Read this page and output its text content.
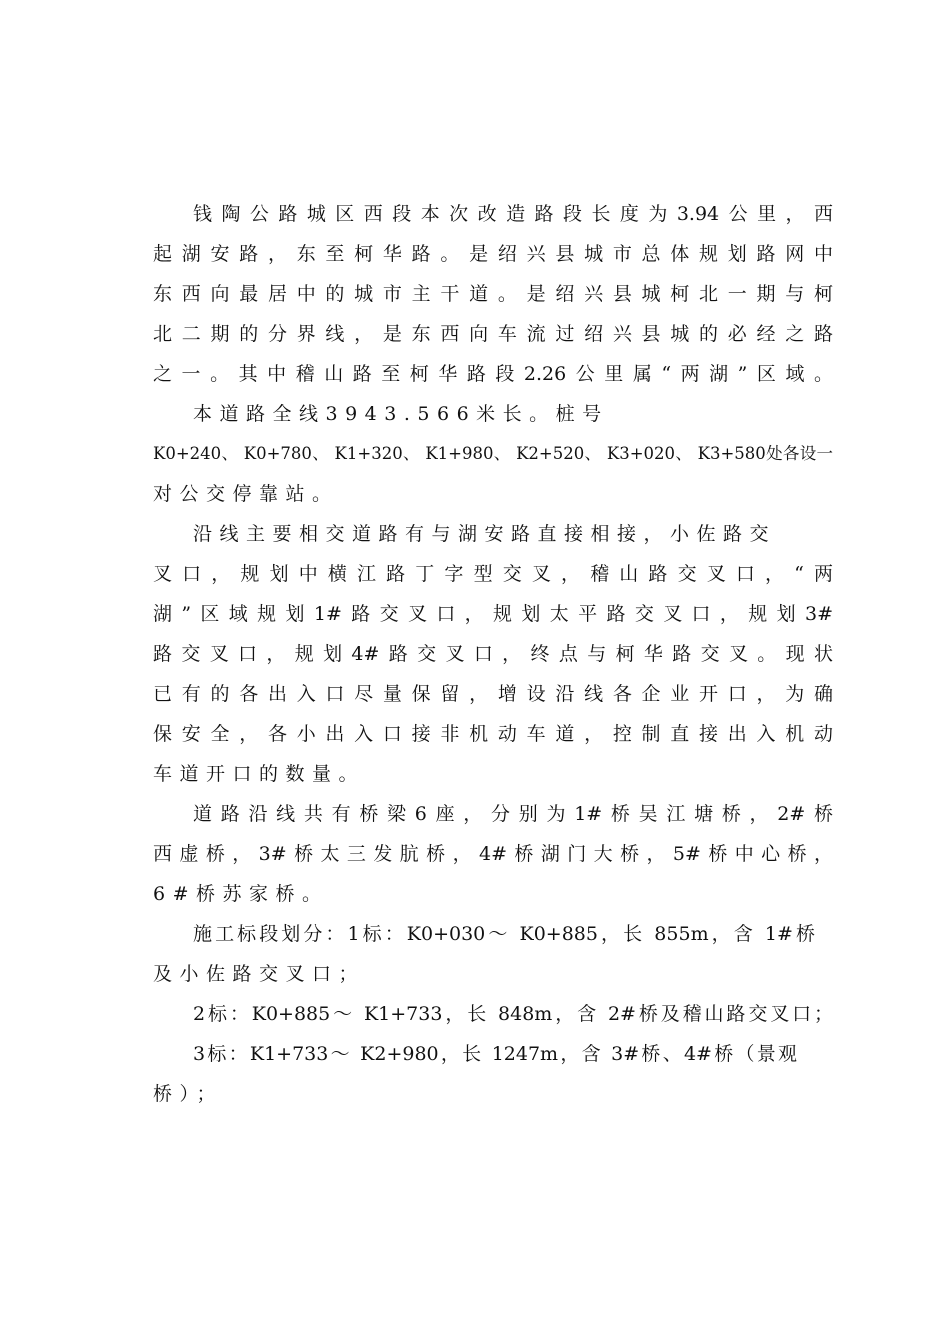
钱陶公路城区西段本次改造路段长度为3.94公里，西
起湖安路，东至柯华路。是绍兴县城市总体规划路网中
东西向最居中的城市主干道。是绍兴县城柯北一期与柯
北二期的分界线，是东西向车流过绍兴县城的必经之路
之一。其中稽山路至柯华路段2.26公里属“两湖”区域。
本道路全线3943.566米长。桩号
K0+240、 K0+780、 K1+320、 K1+980、 K2+520、 K3+020、 K3+580处各设一
对公交停靠站。
沿线主要相交道路有与湖安路直接相接，小佐路交
叉口，规划中横江路丁字型交叉，稽山路交叉口，“两
湖”区域规划1#路交叉口，规划太平路交叉口，规划3#
路交叉口，规划4#路交叉口，终点与柯华路交叉。现状
已有的各出入口尽量保留，增设沿线各企业开口，为确
保安全，各小出入口接非机动车道，控制直接出入机动
车道开口的数量。
道路沿线共有桥梁6座，分别为1#桥吴江塘桥，2#桥
西虚桥，3#桥太三发肮桥，4#桥湖门大桥，5#桥中心桥，
6#桥苏家桥。
施工标段划分：1标：K0+030～ K0+885，长 855m，含 1#桥
及小佐路交叉口；
2标：K0+885～ K1+733，长 848m，含 2#桥及稽山路交叉口；
3标：K1+733～ K2+980，长 1247m，含 3#桥、4#桥（景观
桥）；
